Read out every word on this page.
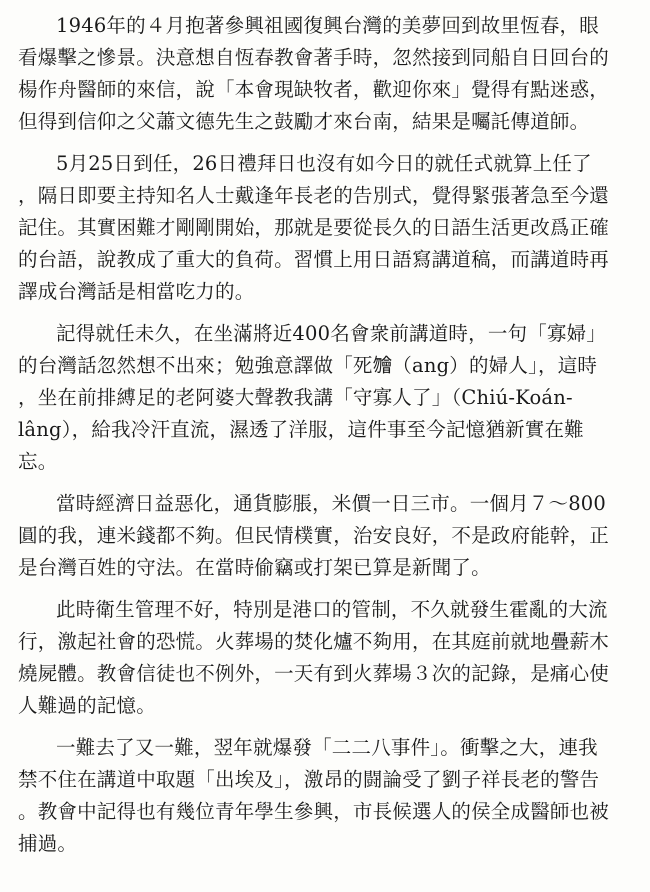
1946年的４月抱著參興祖國復興台灣的美夢回到故里恆春，眼
看爆擊之慘景。決意想自恆春教會著手時，忽然接到同船自日回台的
楊作舟醫師的來信，說「本會現缺牧者，歡迎你來」覺得有點迷惑，
但得到信仰之父蕭文德先生之鼓勵才來台南，結果是囑託傳道師。
5月25日到任，26日禮拜日也沒有如今日的就任式就算上任了
，隔日即要主持知名人士戴逢年長老的告別式，覺得緊張著急至今還
記住。其實困難才剛剛開始，那就是要從長久的日語生活更改爲正確
的台語，說教成了重大的負荷。習慣上用日語寫講道稿，而講道時再
譯成台灣話是相當吃力的。
記得就任未久，在坐滿將近400名會衆前講道時，一句「寡婦」
的台灣話忽然想不出來；勉強意譯做「死𣍐（ang）的婦人」，這時
，坐在前排縛足的老阿婆大聲教我講「守寡人了」（Chiú-Koán-
lâng），給我冷汗直流，濕透了洋服，這件事至今記憶猶新實在難
忘。
當時經濟日益惡化，通貨膨脹，米價一日三市。一個月７～800
圓的我，連米錢都不夠。但民情樸實，治安良好，不是政府能幹，正
是台灣百姓的守法。在當時偷竊或打架已算是新聞了。
此時衛生管理不好，特別是港口的管制，不久就發生霍亂的大流
行，激起社會的恐慌。火葬場的焚化爐不夠用，在其庭前就地疊薪木
燒屍體。教會信徒也不例外，一天有到火葬場３次的記錄，是痛心使
人難過的記憶。
一難去了又一難，翌年就爆發「二二八事件」。衝擊之大，連我
禁不住在講道中取題「出埃及」，激昂的闘論受了劉子祥長老的警告
。教會中記得也有幾位青年學生參興，市長候選人的侯全成醫師也被
捕過。
